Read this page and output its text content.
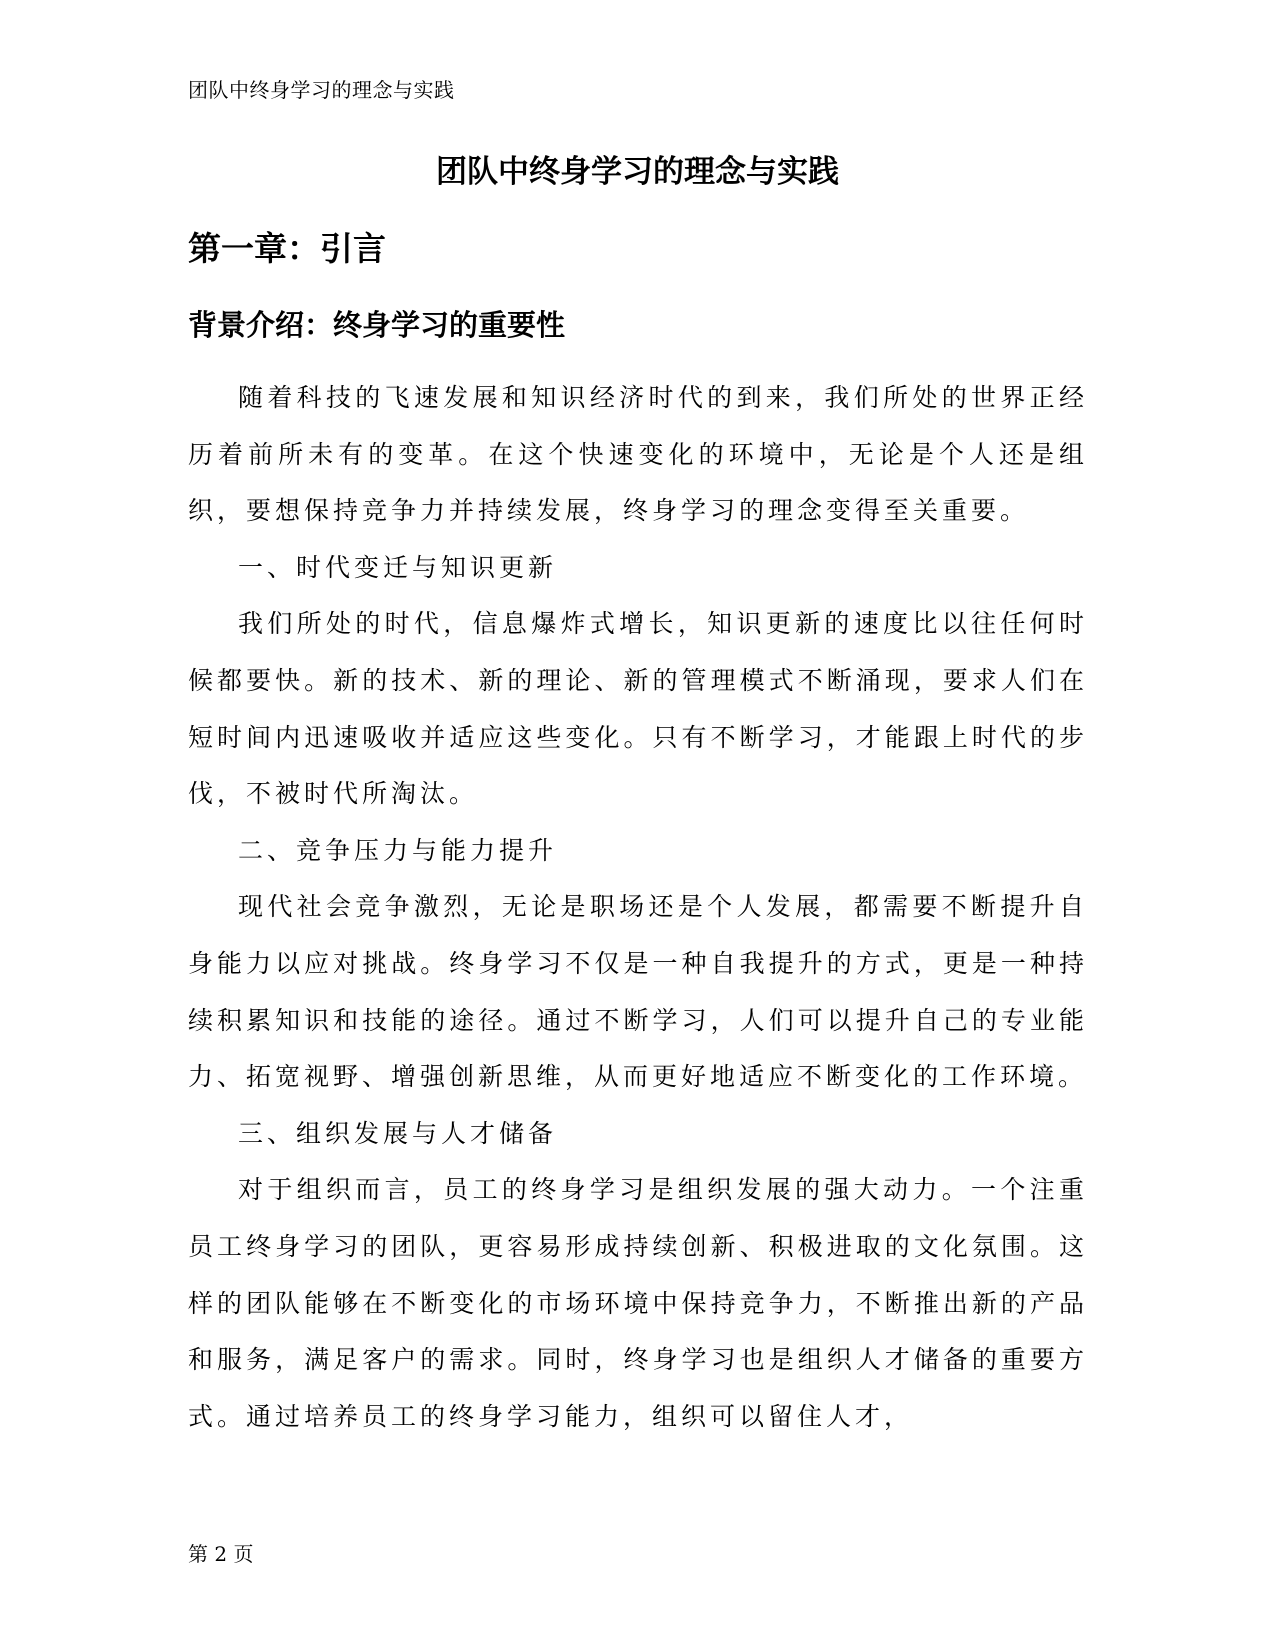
团队中终身学习的理念与实践
团队中终身学习的理念与实践
第一章：引言
背景介绍：终身学习的重要性

随着科技的飞速发展和知识经济时代的到来，我们所处的世界正经历着前所未有的变革。在这个快速变化的环境中，无论是个人还是组织，要想保持竞争力并持续发展，终身学习的理念变得至关重要。

一、时代变迁与知识更新

我们所处的时代，信息爆炸式增长，知识更新的速度比以往任何时候都要快。新的技术、新的理论、新的管理模式不断涌现，要求人们在短时间内迅速吸收并适应这些变化。只有不断学习，才能跟上时代的步伐，不被时代所淘汰。

二、竞争压力与能力提升

现代社会竞争激烈，无论是职场还是个人发展，都需要不断提升自身能力以应对挑战。终身学习不仅是一种自我提升的方式，更是一种持续积累知识和技能的途径。通过不断学习，人们可以提升自己的专业能力、拓宽视野、增强创新思维，从而更好地适应不断变化的工作环境。

三、组织发展与人才储备

对于组织而言，员工的终身学习是组织发展的强大动力。一个注重员工终身学习的团队，更容易形成持续创新、积极进取的文化氛围。这样的团队能够在不断变化的市场环境中保持竞争力，不断推出新的产品和服务，满足客户的需求。同时，终身学习也是组织人才储备的重要方式。通过培养员工的终身学习能力，组织可以留住人才，

第 2 页
